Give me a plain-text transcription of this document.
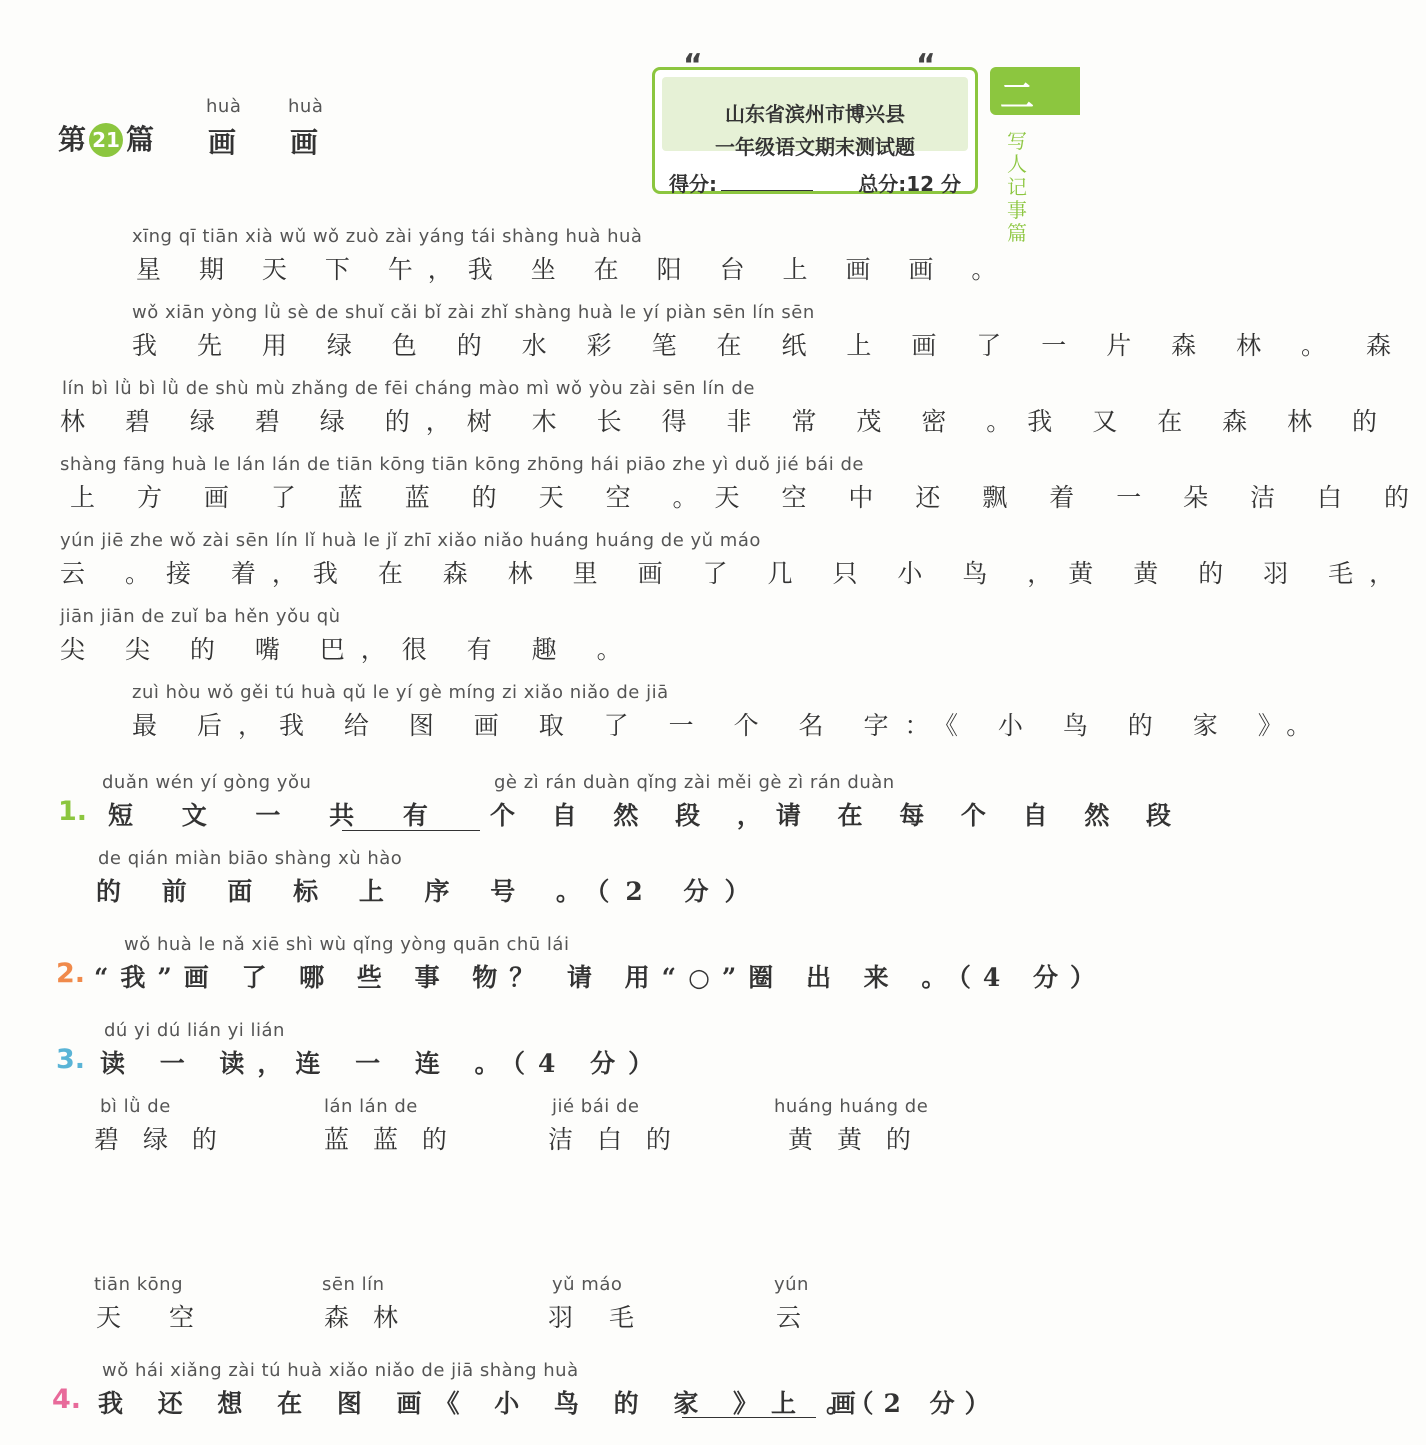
第 21 篇
huà	huà
画 画
山东省滨州市博兴县
一年级语文期末测试题
得分:	总分:12 分
“	“
二
写人记事篇
xīng qī tiān xià wǔ wǒ zuò zài yáng tái shàng huà huà
星 期 天 下 午，我 坐 在 阳 台 上 画 画 。
wǒ xiān yòng lǜ sè de shuǐ cǎi bǐ zài zhǐ shàng huà le yí piàn sēn lín sēn
我 先 用 绿 色 的 水 彩 笔 在 纸 上 画 了 一 片 森 林 。 森
lín bì lǜ bì lǜ de shù mù zhǎng de fēi cháng mào mì wǒ yòu zài sēn lín de
林 碧 绿 碧 绿 的，树 木 长 得 非 常 茂 密 。我 又 在 森 林 的
shàng fāng huà le lán lán de tiān kōng tiān kōng zhōng hái piāo zhe yì duǒ jié bái de
上 方 画 了 蓝 蓝 的 天 空 。天 空 中 还 飘 着 一 朵 洁 白 的
yún jiē zhe wǒ zài sēn lín lǐ huà le jǐ zhī xiǎo niǎo huáng huáng de yǔ máo
云 。接 着，我 在 森 林 里 画 了 几 只 小 鸟 ，黄 黄 的 羽 毛，
jiān jiān de zuǐ ba hěn yǒu qù
尖 尖 的 嘴 巴，很 有 趣 。
zuì hòu wǒ gěi tú huà qǔ le yí gè míng zi xiǎo niǎo de jiā
最 后，我 给 图 画 取 了 一 个 名 字：《 小 鸟 的 家 》。
1.
duǎn wén yí gòng yǒu
短 文 一 共 有
gè zì rán duàn qǐng zài měi gè zì rán duàn
个 自 然 段 ，请 在 每 个 自 然 段
de qián miàn biāo shàng xù hào
的 前 面 标 上 序 号 。（2 分）
2.
wǒ huà le nǎ xiē shì wù qǐng yòng quān chū lái
“我”画 了 哪 些 事 物？ 请 用“○”圈 出 来 。（4 分）
3.
dú yi dú lián yi lián
读 一 读，连 一 连 。（4 分）
bì lǜ de
碧 绿 的
lán lán de
蓝 蓝 的
jié bái de
洁 白 的
huáng huáng de
黄 黄 的
tiān kōng
天 空
sēn lín
森 林
yǔ máo
羽 毛
yún
云
4.
wǒ hái xiǎng zài tú huà xiǎo niǎo de jiā shàng huà
我 还 想 在 图 画《 小 鸟 的 家 》上 画
。（2 分）
